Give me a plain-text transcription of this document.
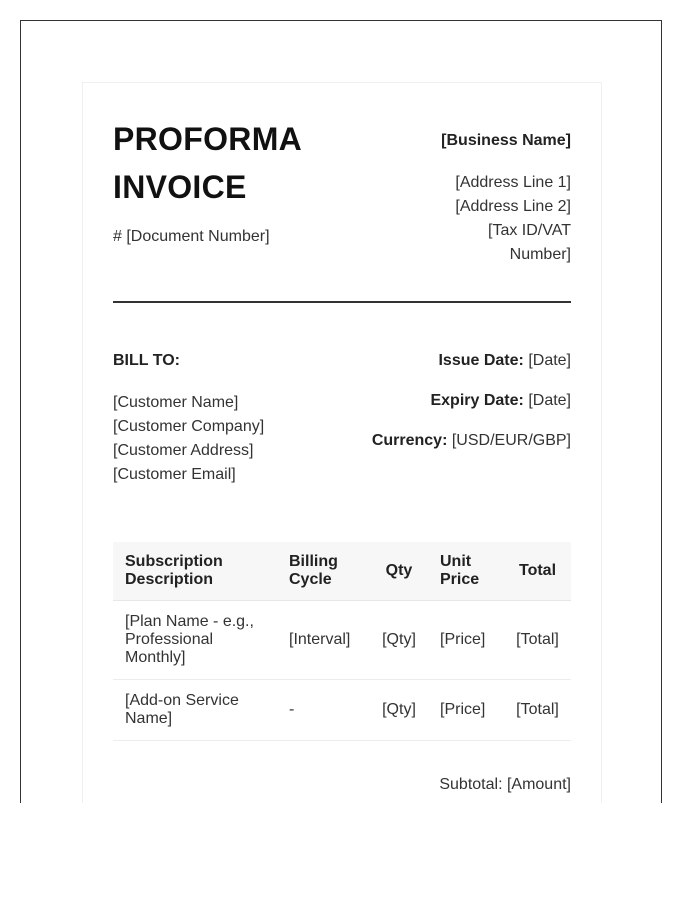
PROFORMA INVOICE
# [Document Number]
[Business Name]
[Address Line 1]
[Address Line 2]
[Tax ID/VAT
Number]
BILL TO:
[Customer Name]
[Customer Company]
[Customer Address]
[Customer Email]
Issue Date: [Date]
Expiry Date: [Date]
Currency: [USD/EUR/GBP]
Subscription Description	Billing Cycle	Qty	Unit Price	Total
[Plan Name - e.g., Professional Monthly]	[Interval]	[Qty]	[Price]	[Total]
[Add-on Service Name]	-	[Qty]	[Price]	[Total]
Subtotal: [Amount]
